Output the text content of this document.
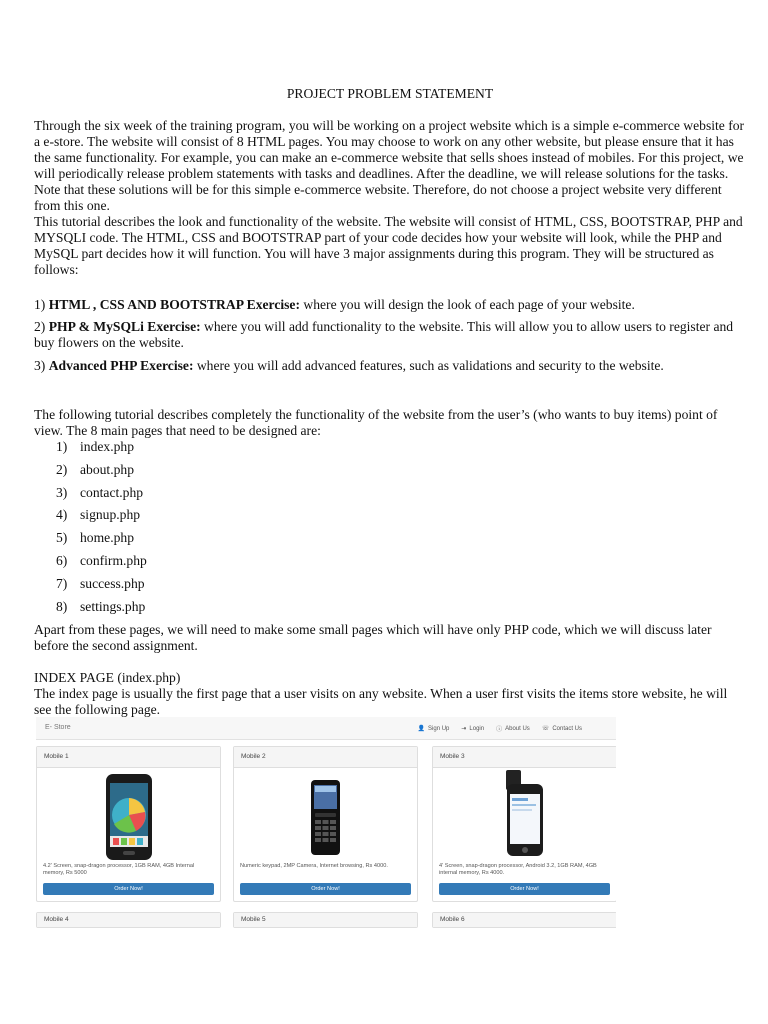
PROJECT PROBLEM STATEMENT

Through the six week of the training program, you will be working on a project website which is a simple e-commerce website for a e-store. The website will consist of 8 HTML pages. You may choose to work on any other website, but please ensure that it has the same functionality. For example, you can make an e-commerce website that sells shoes instead of mobiles. For this project, we will periodically release problem statements with tasks and deadlines. After the deadline, we will release solutions for the tasks. Note that these solutions will be for this simple e-commerce website. Therefore, do not choose a project website very different from this one.

This tutorial describes the look and functionality of the website. The website will consist of HTML, CSS, BOOTSTRAP, PHP and MYSQLI code. The HTML, CSS and BOOTSTRAP part of your code decides how your website will look, while the PHP and MySQL part decides how it will function. You will have 3 major assignments during this program. They will be structured as follows:

1) HTML , CSS AND BOOTSTRAP Exercise: where you will design the look of each page of your website.
2) PHP & MySQLi Exercise: where you will add functionality to the website. This will allow you to allow users to register and buy flowers on the website.
3) Advanced PHP Exercise: where you will add advanced features, such as validations and security to the website.
The following tutorial describes completely the functionality of the website from the user’s (who wants to buy items) point of view. The 8 main pages that need to be designed are:
1) index.php
2) about.php
3) contact.php
4) signup.php
5) home.php
6) confirm.php
7) success.php
8) settings.php
Apart from these pages, we will need to make some small pages which will have only PHP code, which we will discuss later before the second assignment.

INDEX PAGE (index.php)

The index page is usually the first page that a user visits on any website. When a user first visits the items store website, he will see the following page.

E- Store	👤 Sign Up ⇥ Login ⓘ About Us ☏ Contact Us
Mobile 1
4.2' Screen, snap-dragon processor, 1GB RAM, 4GB Internal memory, Rs 5000
Order Now!
Mobile 2
Numeric keypad, 2MP Camera, Internet browsing, Rs 4000.
Order Now!
Mobile 3
4' Screen, snap-dragon processor, Android 3.2, 1GB RAM, 4GB internal memory, Rs 4000.
Order Now!
Mobile 4	Mobile 5	Mobile 6
